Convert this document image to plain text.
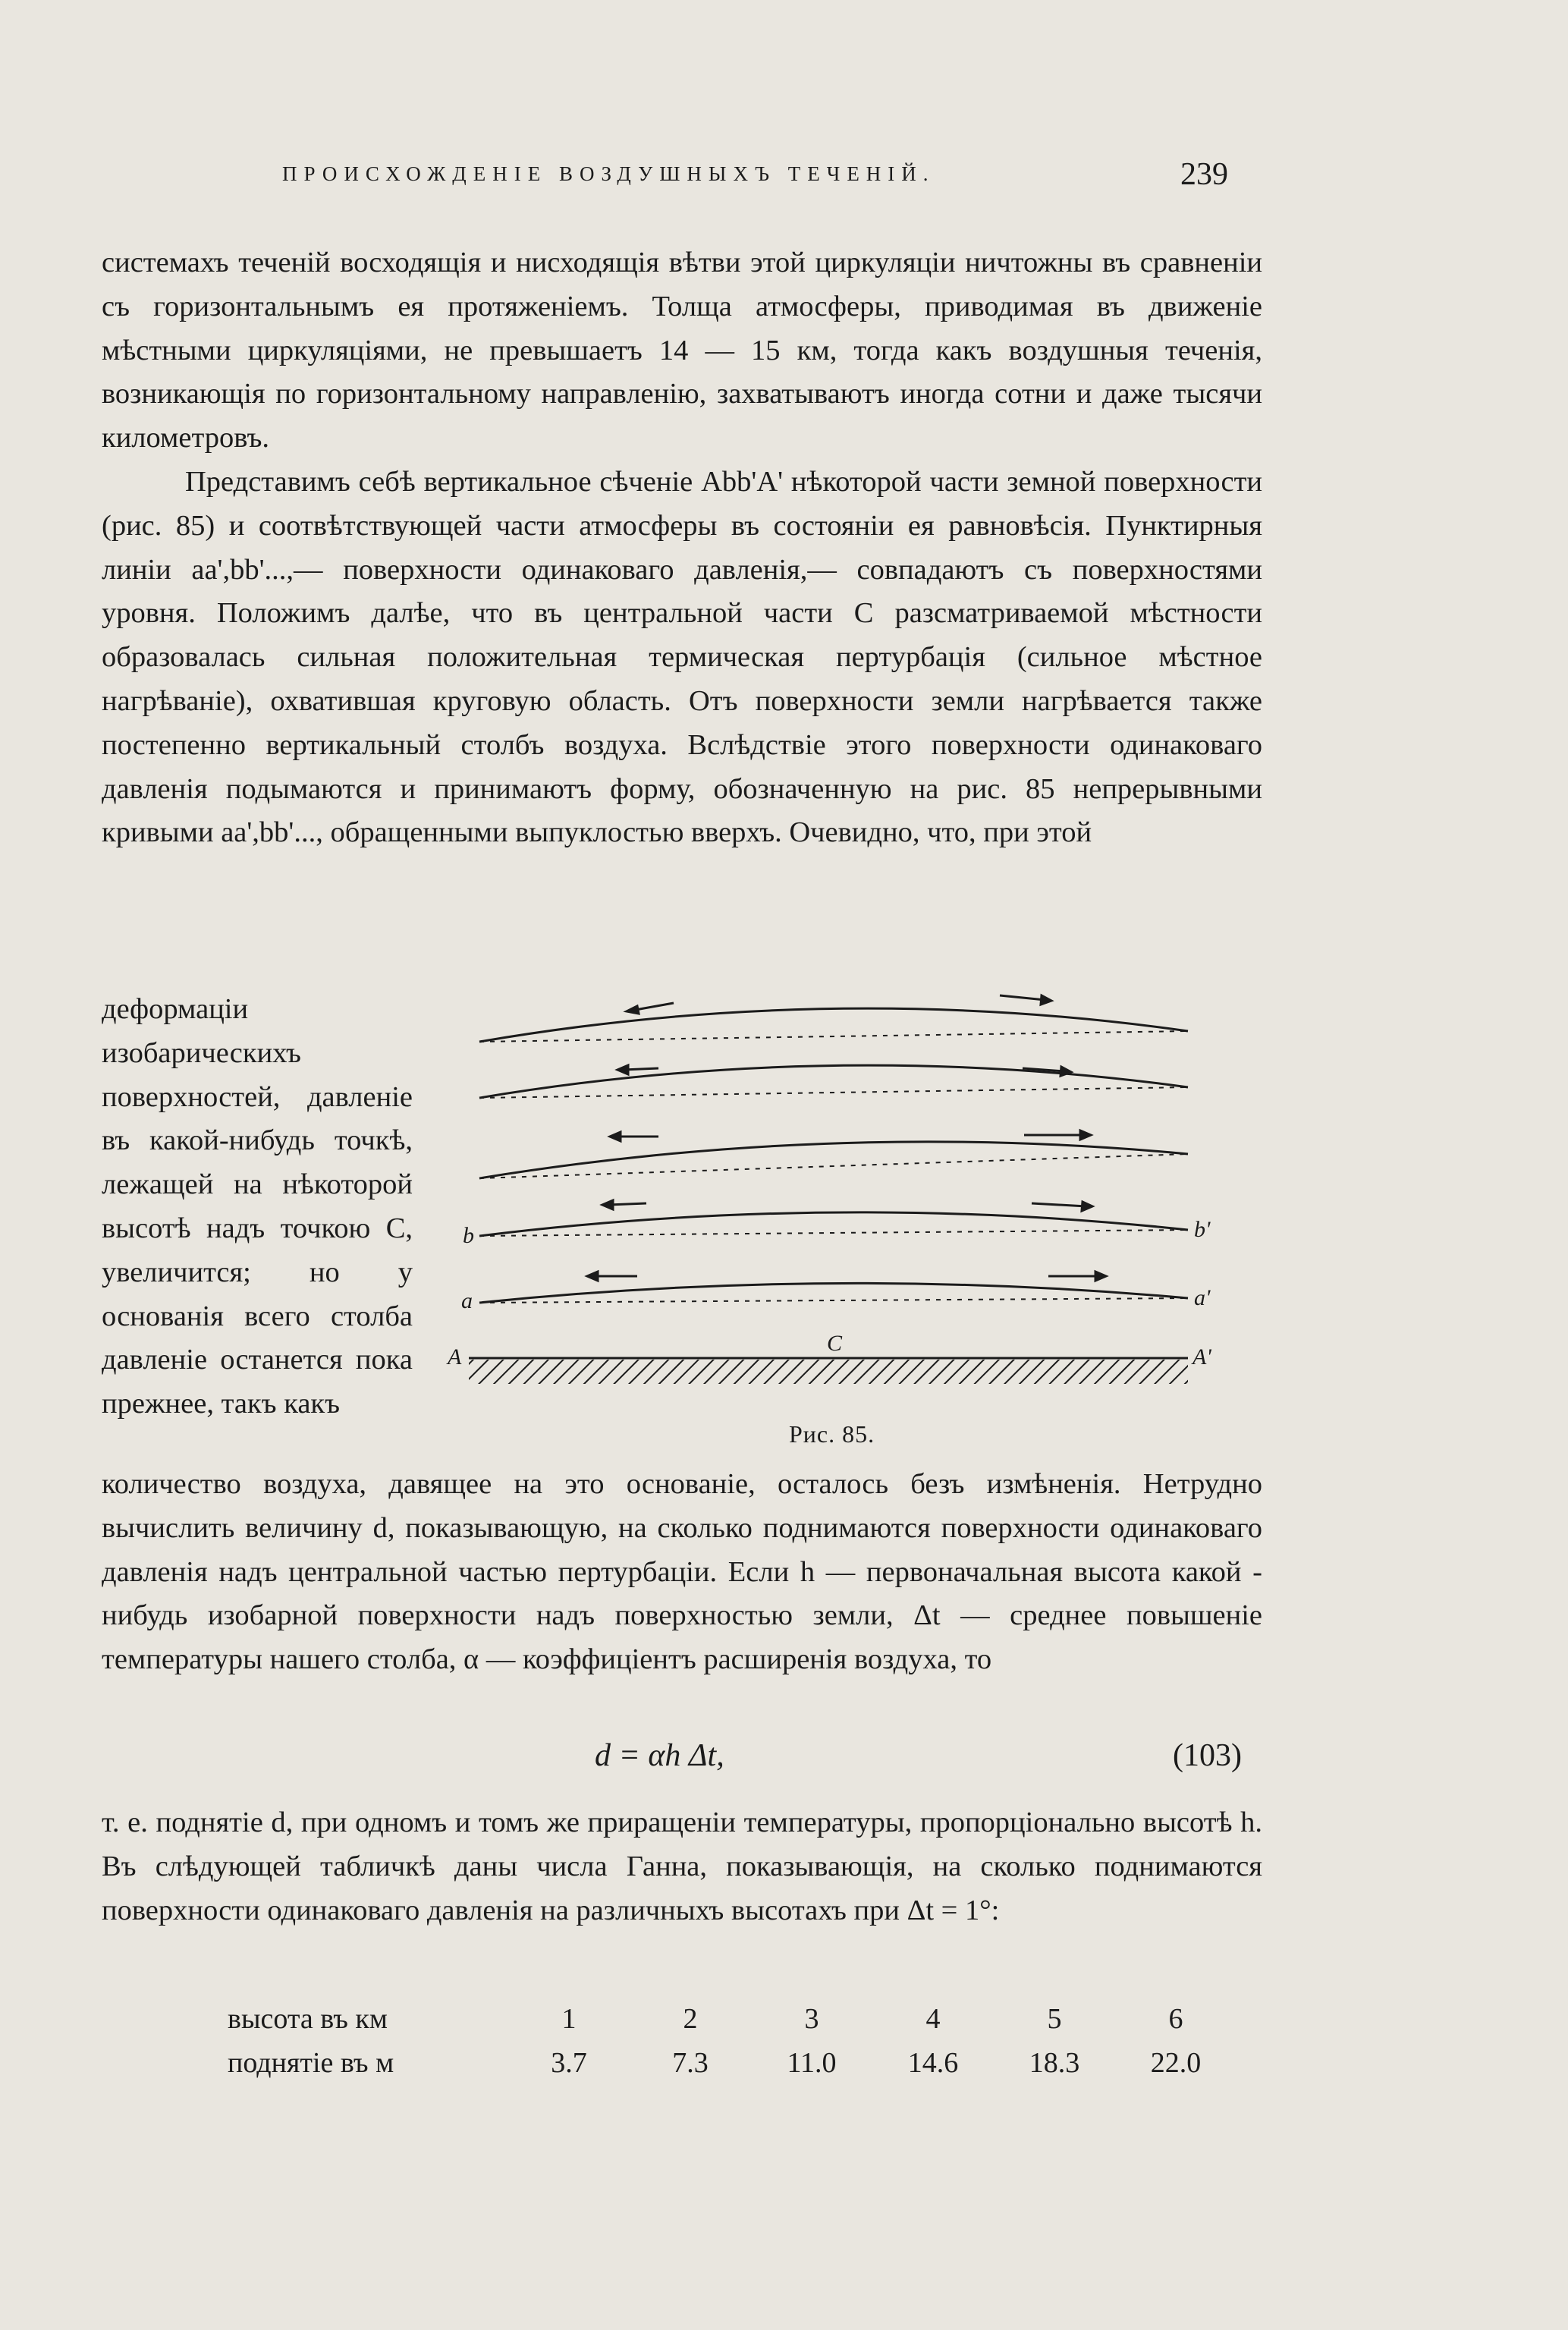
ПРОИСХОЖДЕНІЕ ВОЗДУШНЫХЪ ТЕЧЕНІЙ.	239

системахъ теченій восходящія и нисходящія вѣтви этой циркуляціи ничтожны въ сравненіи съ горизонтальнымъ ея протяженіемъ. Толща атмосферы, приводимая въ движеніе мѣстными циркуляціями, не превышаетъ 14 — 15 км, тогда какъ воздушныя теченія, возникающія по горизонтальному направленію, захватываютъ иногда сотни и даже тысячи километровъ.

Представимъ себѣ вертикальное сѣченіе Abb'A' нѣкоторой части земной поверхности (рис. 85) и соотвѣтствующей части атмосферы въ состояніи ея равновѣсія. Пунктирныя линіи aa',bb'...,— поверхности одинаковаго давленія,— совпадаютъ съ поверхностями уровня. Положимъ далѣе, что въ центральной части C разсматриваемой мѣстности образовалась сильная положительная термическая пертурбація (сильное мѣстное нагрѣваніе), охватившая круговую область. Отъ поверхности земли нагрѣвается также постепенно вертикальный столбъ воздуха. Вслѣдствіе этого поверхности одинаковаго давленія подымаются и принимаютъ форму, обозначенную на рис. 85 непрерывными кривыми aa',bb'..., обращенными выпуклостью вверхъ. Очевидно, что, при этой

деформаціи изобарическихъ поверхностей, давленіе въ какой-нибудь точкѣ, лежащей на нѣкоторой высотѣ надъ точкою C, увеличится; но у основанія всего столба давленіе останется пока прежнее, такъ какъ

A	A'
C
a	a'
b	b'
Рис. 85.

количество воздуха, давящее на это основаніе, осталось безъ измѣненія. Нетрудно вычислить величину d, показывающую, на сколько поднимаются поверхности одинаковаго давленія надъ центральной частью пертурбаціи. Если h — первоначальная высота какой - нибудь изобарной поверхности надъ поверхностью земли, Δt — среднее повышеніе температуры нашего столба, α — коэффиціентъ расширенія воздуха, то

d = αh Δt,	(103)

т. е. поднятіе d, при одномъ и томъ же приращеніи температуры, пропорціонально высотѣ h. Въ слѣдующей табличкѣ даны числа Ганна, показывающія, на сколько поднимаются поверхности одинаковаго давленія на различныхъ высотахъ при Δt = 1°:

высота въ км	1	2	3	4	5	6
поднятіе въ м	3.7	7.3	11.0	14.6	18.3	22.0
